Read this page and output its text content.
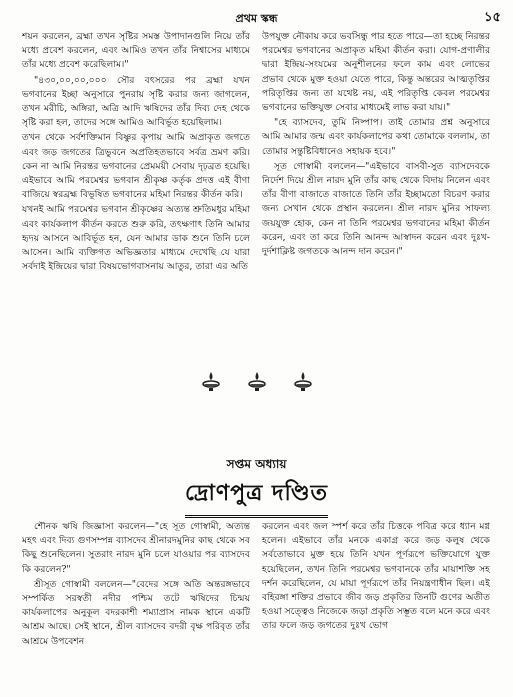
প্রথম স্কন্ধ	১৫

শয়ন করলেন, ব্রহ্মা তখন সৃষ্টির সমস্ত উপাদানগুলি নিয়ে তাঁর মধ্যে প্রবেশ করলেন, এবং আমিও তখন তাঁর নিশ্বাসের মাধ্যমে তাঁর মধ্যে প্রবেশ করেছিলাম।"

"৪৩০,০০,০০,০০০ সৌর বৎসরের পর ব্রহ্মা যখন ভগবানের ইচ্ছা অনুসারে পুনরায় সৃষ্টি করার জন্য জাগলেন, তখন মরীচি, অঙ্গিরা, অত্রি আদি ঋষিদের তাঁর দিব্য দেহ থেকে সৃষ্টি করা হল, তাদের সঙ্গে আমিও আবির্ভূত হয়েছিলাম।

তখন থেকে সর্বশক্তিমান বিষ্ণুর কৃপায় আমি অপ্রাকৃত জগতে এবং জড় জগতের ত্রিভুবনে অপ্রতিহতভাবে সর্বত্র ভ্রমণ করি। কেন না আমি নিরন্তর ভগবানের প্রেমময়ী সেবায় দৃঢ়ব্রত হয়েছি। এইভাবে আমি পরমেশ্বর ভগবান শ্রীকৃষ্ণ কর্তৃক প্রদত্ত এই বীণা বাজিয়ে স্বরব্রহ্ম বিভূষিত ভগবানের মহিমা নিরন্তর কীর্তন করি।

যখনই আমি পরমেশ্বর ভগবান শ্রীকৃষ্ণের অত্যন্ত শ্রুতিমধুর মহিমা এবং কার্যকলাপ কীর্তন করতে শুরু করি, তৎক্ষণাৎ তিনি আমার হৃদয় আসনে আবির্ভূত হন, যেন আমার ডাক শুনে তিনি চলে আসেন। আমি ব্যক্তিগত অভিজ্ঞতার মাধ্যমে দেখেছি যে যারা সর্বদাই ইন্দ্রিয়ের দ্বারা বিষয়ভোগবাসনায় আতুর, তারা এর অতি

উপযুক্ত নৌকায় করে ভবসিন্ধু পার হতে পারে—তা হচ্ছে নিরন্তর পরমেশ্বর ভগবানের অপ্রাকৃত মহিমা কীর্তন করা। যোগ-প্রণালীর দ্বারা ইন্দ্রিয়-সংযমের অনুশীলনের ফলে কাম এবং লোভের প্রভাব থেকে মুক্ত হওয়া যেতে পারে, কিন্তু অন্তরের আত্মতৃপ্তির পরিতৃপ্তির জন্য তা যথেষ্ট নয়, এই পরিতৃপ্তি কেবল পরমেশ্বর ভগবানের ভক্তিযুক্ত সেবার মাধ্যমেই লাভ করা যায়।"

"হে ব্যাসদেব, তুমি নিষ্পাপ। তাই তোমার প্রশ্ন অনুসারে আমি আমার জন্ম এবং কার্যকলাপের কথা তোমাকে বললাম, তা তোমার সন্তুষ্টিবিধানেও সহায়ক হবে।"

সূত গোস্বামী বললেন—"এইভাবে বাসবী-সুত ব্যাসদেবকে নির্দেশ দিয়ে শ্রীল নারদ মুনি তাঁর কাছ থেকে বিদায় নিলেন এবং তাঁর বীণা বাজাতে বাজাতে তিনি তাঁর ইচ্ছামতো বিচরণ করার জন্য সেখান থেকে প্রস্থান করলেন। শ্রীল নারদ মুনির সাফল্য জয়যুক্ত হোক, কেন না তিনি পরমেশ্বর ভগবানের মহিমা কীর্তন করেন, এবং তা করে তিনি আনন্দ আস্বাদন করেন এবং দুঃখ-দুর্দশাক্লিষ্ট জগতকে আনন্দ দান করেন।"

সপ্তম অধ্যায়
দ্রোণপুত্র দণ্ডিত

শৌনক ঋষি জিজ্ঞাসা করলেন—"হে সূত গোস্বামী, অত্যন্ত মহৎ এবং দিব্য গুণসম্পন্ন ব্যাসদেব শ্রীনারদমুনির কাছ থেকে সব কিছু শুনেছিলেন। সুতরাং নারদ মুনি চলে যাওয়ার পর ব্যাসদেব কি করলেন?"

শ্রীসূত গোস্বামী বললেন—"বেদের সঙ্গে অতি অন্তরঙ্গভাবে সম্পর্কিত সরস্বতী নদীর পশ্চিম তটে ঋষিদের চিন্ময় কার্যকলাপের অনুকূল বদরকাশী শম্যাপ্রাস নামক স্থানে একটি আশ্রম আছে। সেই স্থানে, শ্রীল ব্যাসদেব বদরী বৃক্ষ পরিবৃত তাঁর আশ্রমে উপবেশন

করলেন এবং জল স্পর্শ করে তাঁর চিত্তকে পবিত্র করে ধ্যান মগ্ন হলেন। এইভাবে তাঁর মনকে একাগ্র করে জড় কলুষ থেকে সর্বতোভাবে মুক্ত হয়ে তিনি যখন পূর্ণরূপে ভক্তিযোগে যুক্ত হয়েছিলেন, তখন তিনি পরমেশ্বর ভগবানকে তাঁর মায়াশক্তি সহ দর্শন করেছিলেন, যে মায়া পূর্ণরূপে তাঁর নিয়ন্ত্রণাধীন ছিল। এই বহিরঙ্গা শক্তির প্রভাবে জীব জড় প্রকৃতির তিনটি গুণের অতীত হওয়া সত্ত্বেও নিজেকে জড়া প্রকৃতি সম্ভূত বলে মনে করে এবং তার ফলে জড় জগতের দুঃখ ভোগ
